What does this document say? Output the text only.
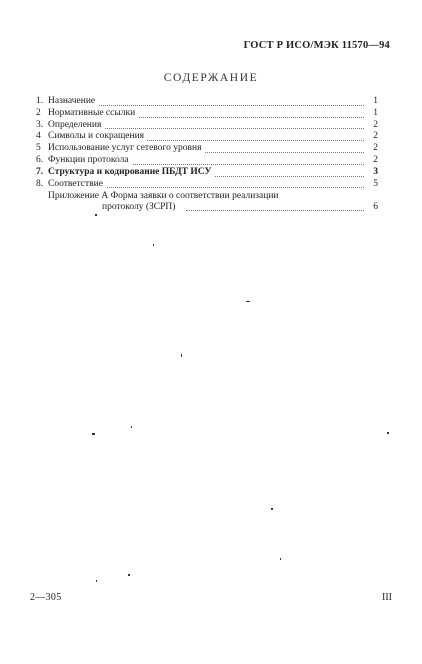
ГОСТ Р ИСО/МЭК 11570—94
СОДЕРЖАНИЕ
1. Назначение	1
2 Нормативные ссылки	1
3. Определения	2
4 Символы и сокращения	2
5 Использование услуг сетевого уровня	2
6. Функции протокола	2
7. Структура и кодирование ПБДТ ИСУ	3
8. Соответствие	5
Приложение А Форма заявки о соответствии реализации
протоколу (ЗСРП)	6
2—305	III
